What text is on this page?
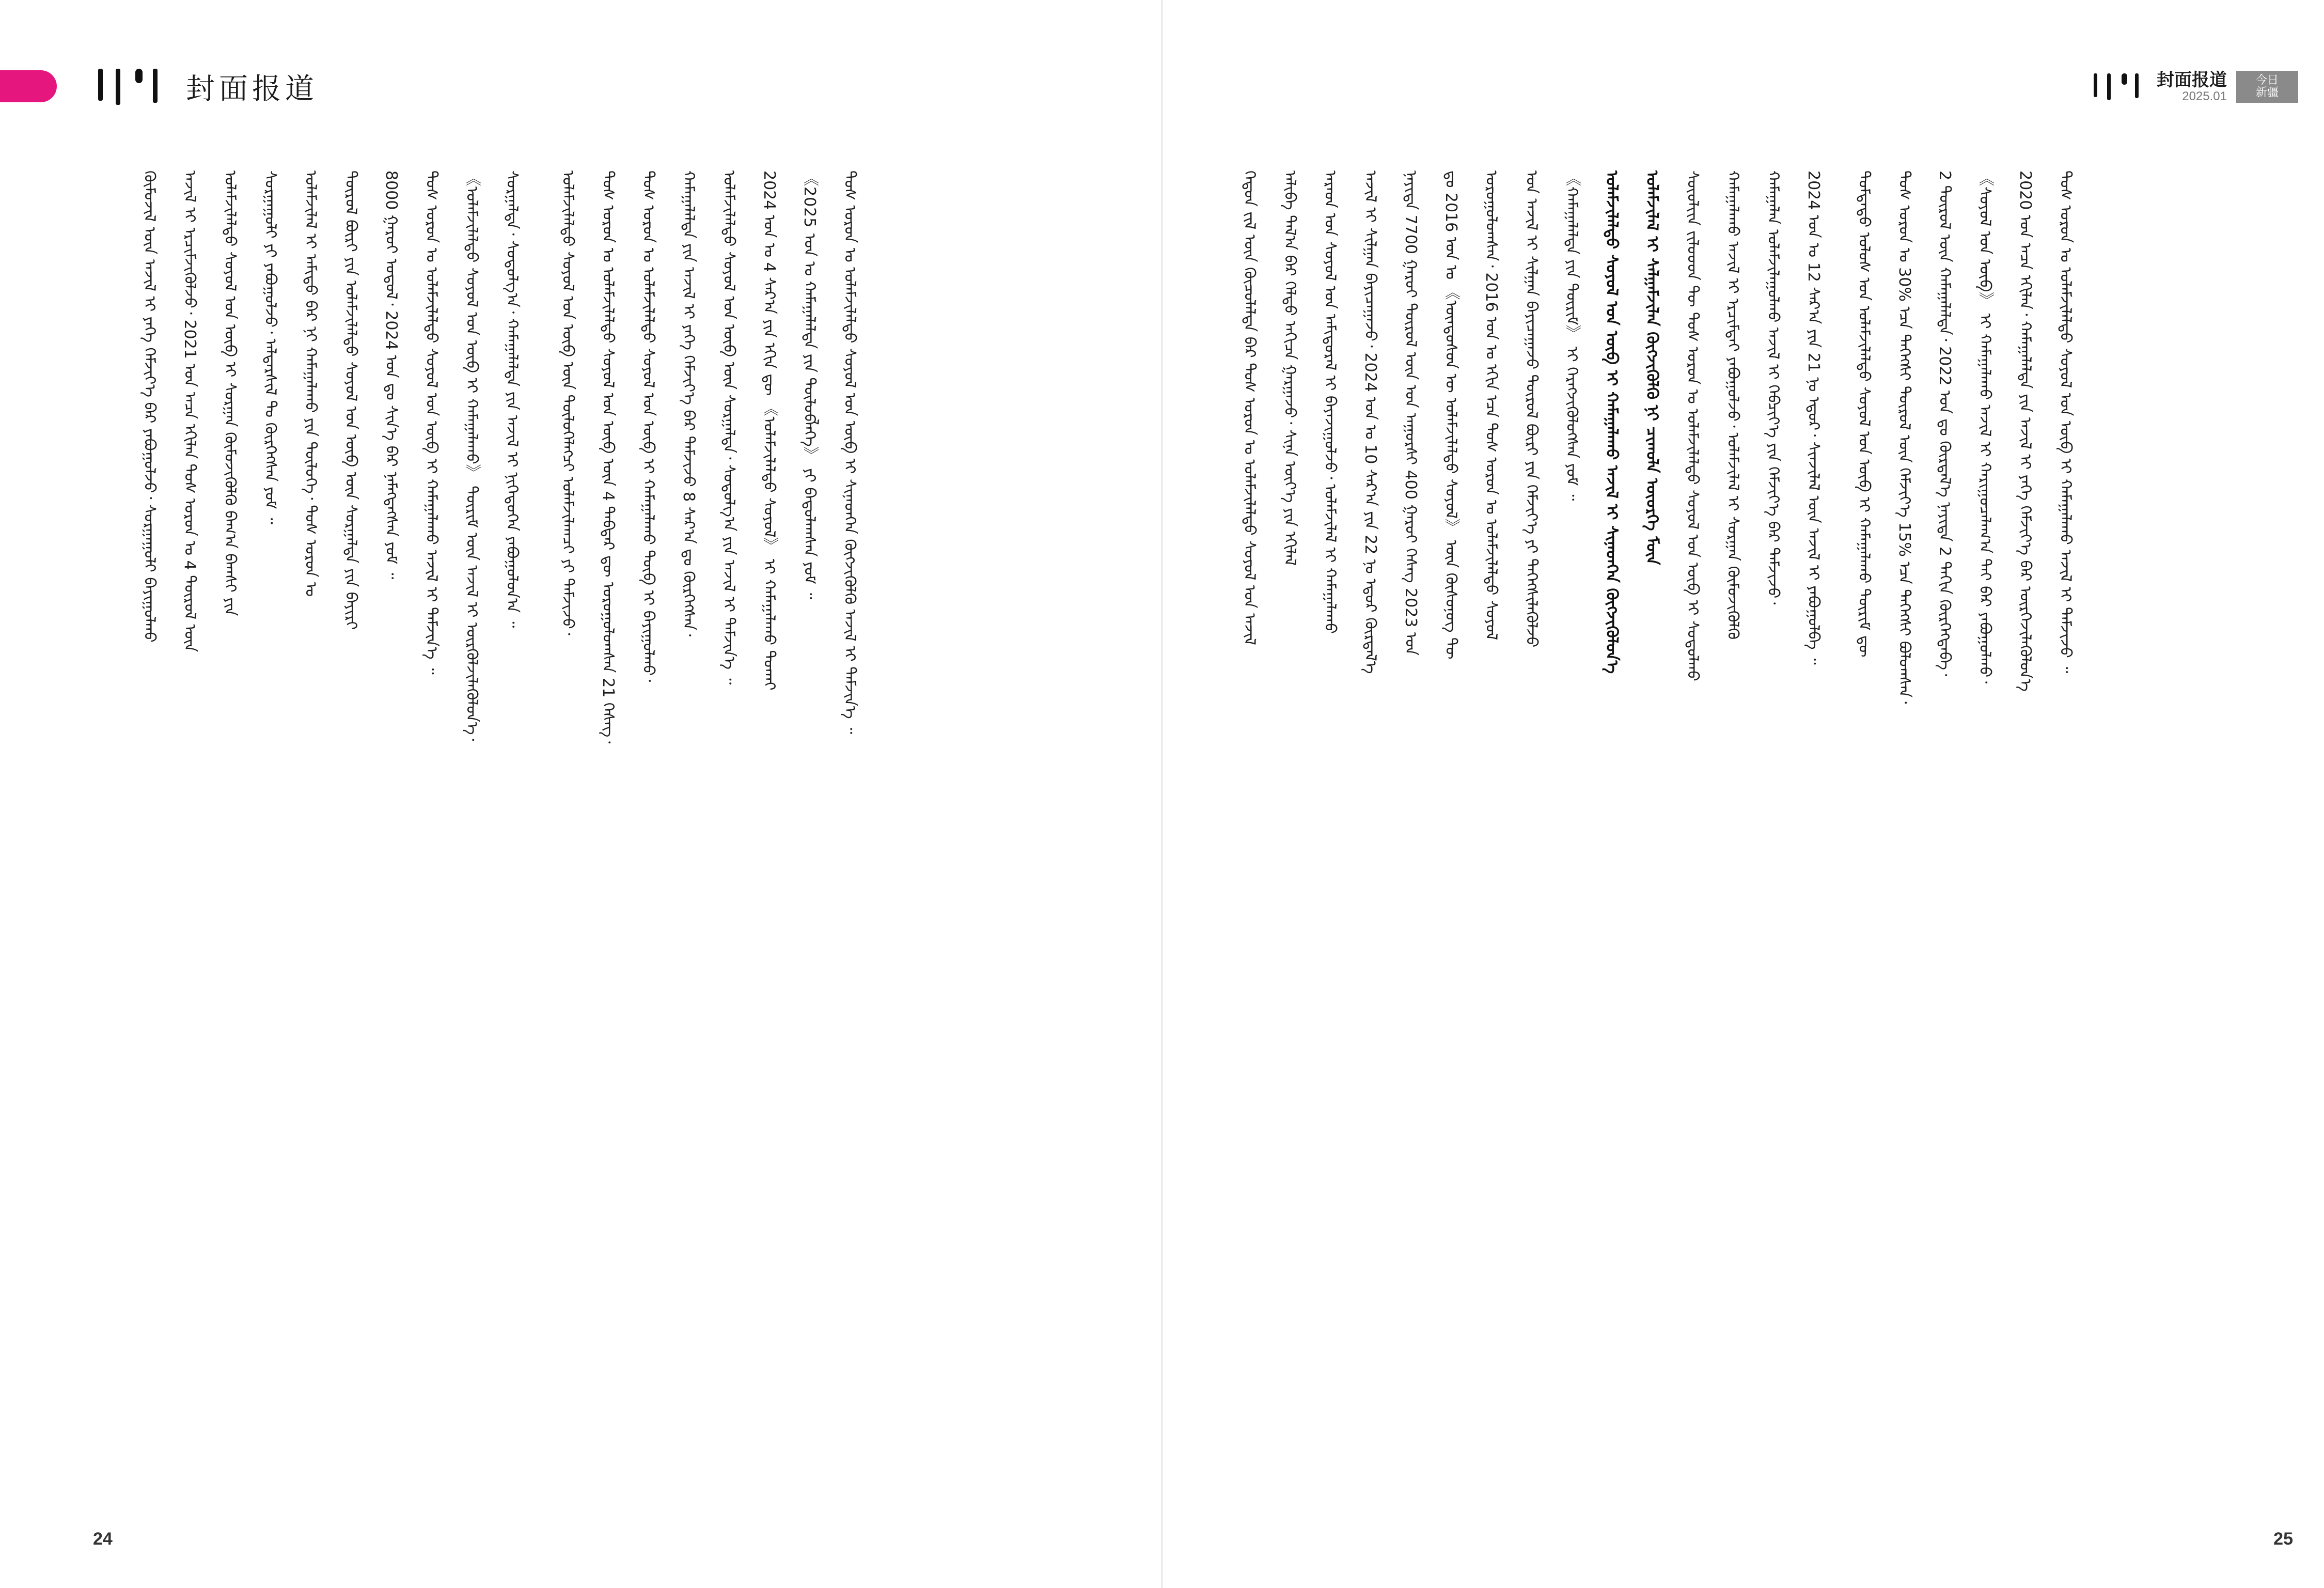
封面报道

ᠬᠦᠮᠦᠵᠢᠯ ᠦᠨ ᠠᠵᠢᠯ ᠢ ᠶᠡᠬᠡ ᠬᠡᠮᠵᠢᠶ᠎ᠡ ᠪᠡᠷ ᠶᠠᠪᠤᠭᠤᠯᠵᠤ᠂ ᠰᠤᠷᠭᠠᠭᠤᠯᠢ ᠪᠠᠶᠢᠭᠤᠯᠬᠤ	ᠠᠵᠢᠯ ᠢ ᠡᠷᠴᠢᠮᠵᠢᠭᠦᠯᠵᠦ᠂ 2021 ᠣᠨ ᠠᠴᠠ ᠡᠬᠢᠯᠡᠨ ᠲᠤᠰ ᠣᠷᠣᠨ ᠤ 4 ᠲᠦᠷᠦᠯ ᠦᠨ	ᠤᠯᠠᠮᠵᠢᠯᠠᠯᠲᠤ ᠰᠣᠶᠤᠯ ᠤᠨ ᠦᠪ ᠢ ᠰᠤᠷᠭᠠᠨ ᠬᠦᠮᠦᠵᠢᠭᠦᠯᠬᠦ ᠪᠠᠭ᠎ᠠ ᠪᠠᠭᠰᠢ ᠶᠢᠨ	ᠰᠤᠷᠭᠠᠭᠤᠯᠢ ᠶᠢ ᠶᠠᠪᠤᠭᠤᠯᠵᠤ᠂ ᠠᠯᠳᠠᠷᠰᠢᠯ ᠲᠤ ᠬᠦᠷᠭᠡᠭᠰᠡᠨ ᠶᠤᠮ ᠃	ᠤᠯᠠᠮᠵᠢᠯᠠᠯ ᠢ ᠠᠮᠢᠳᠤ ᠪᠡᠷ ᠨᠢ ᠬᠠᠮᠠᠭᠠᠯᠠᠬᠤ ᠶᠢᠨ ᠲᠦᠯᠦᠭᠡ᠂ ᠲᠤᠰ ᠣᠷᠣᠨ ᠤ	ᠲᠦᠷᠦᠯ ᠪᠦᠷᠢ ᠶᠢᠨ ᠤᠯᠠᠮᠵᠢᠯᠠᠯᠲᠤ ᠰᠣᠶᠤᠯ ᠤᠨ ᠦᠪ ᠦᠨ ᠰᠤᠷᠭᠠᠯᠲᠠ ᠶᠢᠨ ᠪᠠᠶᠢᠷᠢ	8000 ᠭᠠᠷᠤᠢ ᠣᠳᠣᠯ᠂ 2024 ᠣᠨ ᠳᠤ ᠰᠢᠨ᠎ᠡ ᠪᠡᠷ ᠨᠡᠮᠡᠭᠳᠡᠭᠰᠡᠨ ᠶᠤᠮ ᠃	ᠲᠤᠰ ᠣᠷᠣᠨ ᠤ ᠤᠯᠠᠮᠵᠢᠯᠠᠯᠲᠤ ᠰᠣᠶᠤᠯ ᠤᠨ ᠦᠪ ᠢ ᠬᠠᠮᠠᠭᠠᠯᠠᠬᠤ ᠠᠵᠢᠯ ᠢ ᠳᠡᠮᠵᠢᠨ᠎ᠡ ᠃	《ᠤᠯᠠᠮᠵᠢᠯᠠᠯᠲᠤ ᠰᠣᠶᠤᠯ ᠤᠨ ᠦᠪ ᠢ ᠬᠠᠮᠠᠭᠠᠯᠠᠬᠤ》 ᠳᠦᠷᠢᠮ ᠦᠨ ᠠᠵᠢᠯ ᠢ ᠦᠷᠭᠦᠯᠵᠢᠯᠡᠬᠦᠯᠦᠨ᠎ᠡ᠂	ᠰᠤᠷᠭᠠᠯᠲᠠ᠂ ᠰᠤᠳᠤᠯᠭ᠎ᠠ᠂ ᠬᠠᠮᠠᠭᠠᠯᠠᠯᠲᠠ ᠶᠢᠨ ᠠᠵᠢᠯ ᠢ ᠨᠢᠭᠡᠳᠦᠭᠡᠨ ᠶᠠᠪᠤᠭᠤᠯᠤᠨ᠎ᠠ ᠃	ᠤᠯᠠᠮᠵᠢᠯᠠᠯᠲᠤ ᠰᠣᠶᠤᠯ ᠤᠨ ᠦᠪ ᠦᠨ ᠲᠦᠯᠦᠭᠡᠯᠡᠭᠴᠢ ᠤᠯᠠᠮᠵᠢᠯᠠᠭᠴᠢ ᠶᠢ ᠳᠡᠮᠵᠢᠵᠦ᠂	ᠲᠤᠰ ᠣᠷᠣᠨ ᠤ ᠤᠯᠠᠮᠵᠢᠯᠠᠯᠲᠤ ᠰᠣᠶᠤᠯ ᠤᠨ ᠦᠪ ᠦᠨ 4 ᠳᠡᠪᠲᠡᠷ ᠳᠦ ᠣᠷᠤᠭᠤᠯᠤᠭᠰᠠᠨ 21 ᠬᠡᠰᠡᠭ᠂	ᠲᠤᠰ ᠣᠷᠣᠨ ᠤ ᠤᠯᠠᠮᠵᠢᠯᠠᠯᠲᠤ ᠰᠣᠶᠤᠯ ᠤᠨ ᠦᠪ ᠢ ᠬᠠᠮᠠᠭᠠᠯᠠᠬᠤ ᠲᠥᠪ ᠢ ᠪᠠᠶᠢᠭᠤᠯᠬᠤ᠂	ᠬᠠᠮᠠᠭᠠᠯᠠᠯᠲᠠ ᠶᠢᠨ ᠠᠵᠢᠯ ᠢ ᠶᠡᠬᠡ ᠬᠡᠮᠵᠢᠶ᠎ᠡ ᠪᠡᠷ ᠳᠡᠮᠵᠢᠵᠦ 8 ᠰᠠᠷ᠎ᠠ ᠳᠤ ᠬᠦᠷᠭᠡᠭᠰᠡᠨ᠂	ᠤᠯᠠᠮᠵᠢᠯᠠᠯᠲᠤ ᠰᠣᠶᠤᠯ ᠤᠨ ᠦᠪ ᠦᠨ ᠰᠤᠷᠭᠠᠯᠲᠠ᠂ ᠰᠤᠳᠤᠯᠭ᠎ᠠ ᠶᠢᠨ ᠠᠵᠢᠯ ᠢ ᠳᠡᠮᠵᠢᠨ᠎ᠡ ᠃	2024 ᠣᠨ ᠤ 4 ᠰᠠᠷ᠎ᠠ ᠶᠢᠨ ᠡᠬᠢᠨ ᠳᠦ 《ᠤᠯᠠᠮᠵᠢᠯᠠᠯᠲᠤ ᠰᠣᠶᠤᠯ》 ᠢ ᠬᠠᠮᠠᠭᠠᠯᠠᠬᠤ ᠲᠤᠬᠠᠢ	《2025 ᠣᠨ ᠤ ᠬᠠᠮᠠᠭᠠᠯᠠᠯᠲᠠ ᠶᠢᠨ ᠲᠥᠯᠥᠪᠯᠡᠭᠡ》 ᠶᠢ ᠪᠠᠲᠤᠯᠠᠭᠰᠠᠨ ᠶᠤᠮ ᠃	ᠲᠤᠰ ᠣᠷᠣᠨ ᠤ ᠤᠯᠠᠮᠵᠢᠯᠠᠯᠲᠤ ᠰᠣᠶᠤᠯ ᠤᠨ ᠦᠪ ᠢ ᠰᠢᠨᠡᠳᠬᠡᠨ ᠬᠦᠭᠵᠢᠭᠦᠯᠬᠦ ᠠᠵᠢᠯ ᠢ ᠳᠡᠮᠵᠢᠨ᠎ᠡ ᠃

24
封面报道
2025.01
今日
新疆

ᠬᠡᠳᠦᠨ ᠵᠢᠯ ᠦᠨ ᠬᠦᠴᠦᠯᠡᠯᠲᠡ ᠪᠡᠷ ᠲᠤᠰ ᠣᠷᠣᠨ ᠤ ᠤᠯᠠᠮᠵᠢᠯᠠᠯᠲᠤ ᠰᠣᠶᠤᠯ ᠤᠨ ᠠᠵᠢᠯ	ᠠᠯᠢᠪᠠ ᠲᠠᠯ᠎ᠠ ᠪᠡᠷ ᠭᠡᠯᠲᠦ ᠠᠬᠢᠴᠠ ᠭᠠᠷᠭᠠᠵᠤ᠂ ᠰᠢᠨᠡ ᠦᠶ᠎ᠡ ᠶᠢᠨ ᠡᠬᠢᠯᠡᠯ	ᠠᠷᠠᠳ ᠤᠨ ᠰᠣᠶᠤᠯ ᠤᠨ ᠠᠮᠢᠳᠤᠷᠠᠯ ᠢ ᠪᠠᠶᠠᠵᠢᠭᠤᠯᠵᠤ᠂ ᠤᠯᠠᠮᠵᠢᠯᠠᠯ ᠢ ᠬᠠᠮᠠᠭᠠᠯᠠᠬᠤ	ᠠᠵᠢᠯ ᠢ ᠰᠢᠯᠭᠠᠨ ᠪᠠᠶᠢᠴᠠᠭᠠᠵᠤ᠂ 2024 ᠣᠨ ᠤ 10 ᠰᠠᠷ᠎ᠠ ᠶᠢᠨ 22 ᠨᠤ ᠡᠳᠦᠷ ᠬᠦᠷᠲᠡᠯ᠎ᠡ	ᠨᠡᠶᠢᠲᠡ 7700 ᠭᠠᠷᠤᠢ ᠲᠦᠷᠦᠯ ᠦᠨ ᠡᠳ ᠠᠭᠤᠷᠰᠢ 400 ᠭᠠᠷᠤᠢ ᠬᠡᠰᠡᠭ 2023 ᠣᠨ	ᠳᠤ 2016 ᠣᠨ ᠤ 《ᠦᠨᠳᠦᠰᠦᠨ ᠦ ᠤᠯᠠᠮᠵᠢᠯᠠᠯᠲᠤ ᠰᠣᠶᠤᠯ》 ᠦᠨ ᠬᠦᠰᠦᠨᠦᠭ ᠲᠦ	ᠣᠷᠤᠭᠤᠯᠤᠭᠰᠠᠨ᠂ 2016 ᠣᠨ ᠤ ᠡᠬᠢᠨ ᠡᠴᠡ ᠲᠤᠰ ᠣᠷᠣᠨ ᠤ ᠤᠯᠠᠮᠵᠢᠯᠠᠯᠲᠤ ᠰᠣᠶᠤᠯ	ᠤᠨ ᠠᠵᠢᠯ ᠢ ᠰᠢᠯᠭᠠᠨ ᠪᠠᠶᠢᠴᠠᠭᠠᠵᠤ ᠲᠦᠷᠦᠯ ᠪᠦᠷᠢ ᠶᠢᠨ ᠬᠡᠮᠵᠢᠶ᠎ᠡ ᠶᠢ ᠳᠡᠭᠡᠭᠰᠢᠯᠡᠭᠦᠯᠵᠦ	《ᠬᠠᠮᠠᠭᠠᠯᠠᠯᠲᠠ ᠶᠢᠨ ᠳᠦᠷᠢᠮ》 ᠢ ᠬᠡᠷᠡᠭᠵᠢᠭᠦᠯᠦᠭᠰᠡᠨ ᠶᠤᠮ ᠃	ᠤᠯᠠᠮᠵᠢᠯᠠᠯᠲᠤ ᠰᠣᠶᠤᠯ ᠤᠨ ᠦᠪ ᠢ ᠬᠠᠮᠠᠭᠠᠯᠠᠬᠤ ᠠᠵᠢᠯ ᠢ ᠰᠢᠨᠡᠳᠬᠡᠨ ᠬᠦᠭᠵᠢᠭᠦᠯᠦᠨ᠎ᠡ	ᠤᠯᠠᠮᠵᠢᠯᠠᠯ ᠢ ᠰᠠᠯᠭᠠᠮᠵᠢᠯᠠᠨ ᠬᠦᠭᠵᠢᠭᠦᠯᠬᠦ ᠨᠢ ᠴᠢᠬᠤᠯᠠ ᠦᠦᠷᠭᠡ ᠮᠥᠨ	ᠰᠦᠦᠯᠢᠢᠨ ᠵᠢᠯᠦᠦᠳ ᠲᠦ ᠲᠤᠰ ᠣᠷᠣᠨ ᠤ ᠤᠯᠠᠮᠵᠢᠯᠠᠯᠲᠤ ᠰᠣᠶᠤᠯ ᠤᠨ ᠦᠪ ᠢ ᠰᠤᠳᠤᠯᠬᠤ	ᠬᠠᠮᠠᠭᠠᠯᠠᠬᠤ ᠠᠵᠢᠯ ᠢ ᠡᠷᠴᠢᠮᠲᠡᠶ ᠶᠠᠪᠤᠭᠤᠯᠵᠤ᠂ ᠤᠯᠠᠮᠵᠢᠯᠠᠯ ᠢ ᠰᠤᠷᠭᠠᠨ ᠬᠦᠮᠦᠵᠢᠭᠦᠯᠬᠦ	ᠬᠠᠮᠠᠭᠠᠯᠠᠨ ᠤᠯᠠᠮᠵᠢᠯᠠᠭᠤᠯᠬᠤ ᠠᠵᠢᠯ ᠢ ᠬᠡᠪᠴᠢᠶ᠎ᠡ ᠶᠢᠨ ᠬᠡᠮᠵᠢᠶ᠎ᠡ ᠪᠡᠷ ᠳᠡᠮᠵᠢᠵᠦ᠂	2024 ᠣᠨ ᠤ 12 ᠰᠠᠷ᠎ᠠ ᠶᠢᠨ 21 ᠨᠤ ᠡᠳᠦᠷ᠂ ᠰᠢᠨᠵᠢᠯᠡᠯ ᠦᠨ ᠠᠵᠢᠯ ᠢ ᠶᠠᠪᠤᠭᠤᠯᠪᠠ ᠃	ᠳᠤᠮᠳᠠᠳᠤ ᠤᠯᠤᠰ ᠤᠨ ᠤᠯᠠᠮᠵᠢᠯᠠᠯᠲᠤ ᠰᠣᠶᠤᠯ ᠤᠨ ᠦᠪ ᠢ ᠬᠠᠮᠠᠭᠠᠯᠠᠬᠤ ᠳᠦᠷᠢᠮ ᠳᠦ	ᠲᠤᠰ ᠣᠷᠣᠨ ᠤ 30% ᠡᠴᠡ ᠳᠡᠭᠡᠭᠰᠢ ᠲᠦᠷᠦᠯ ᠦᠨ ᠬᠡᠮᠵᠢᠶ᠎ᠡ 15% ᠡᠴᠡ ᠳᠡᠭᠡᠭᠰᠢ ᠪᠣᠯᠤᠭᠰᠠᠨ᠂	2 ᠲᠦᠷᠦᠯ ᠦᠨ ᠬᠠᠮᠠᠭᠠᠯᠠᠯᠲᠠ᠂ 2022 ᠣᠨ ᠳᠤ ᠬᠦᠷᠲᠡᠯ᠎ᠡ ᠨᠡᠶᠢᠲᠡ 2 ᠳᠠᠬᠢᠨ ᠬᠦᠷᠭᠡᠭᠳᠡᠪᠡ᠂	《ᠰᠣᠶᠤᠯ ᠤᠨ ᠦᠪ》 ᠢ ᠬᠠᠮᠠᠭᠠᠯᠠᠬᠤ ᠠᠵᠢᠯ ᠢ ᠬᠠᠷᠢᠭᠤᠴᠠᠯᠠᠭ᠎ᠠ ᠲᠠᠢ ᠪᠡᠷ ᠶᠠᠪᠤᠭᠤᠯᠬᠤ᠂	2020 ᠣᠨ ᠠᠴᠠ ᠡᠬᠢᠯᠡᠨ᠂ ᠬᠠᠮᠠᠭᠠᠯᠠᠯᠲᠠ ᠶᠢᠨ ᠠᠵᠢᠯ ᠢ ᠶᠡᠬᠡ ᠬᠡᠮᠵᠢᠶ᠎ᠡ ᠪᠡᠷ ᠦᠷᠭᠡᠵᠢᠯᠡᠬᠦᠯᠦᠨ᠎ᠡ	ᠲᠤᠰ ᠣᠷᠣᠨ ᠤ ᠤᠯᠠᠮᠵᠢᠯᠠᠯᠲᠤ ᠰᠣᠶᠤᠯ ᠤᠨ ᠦᠪ ᠢ ᠬᠠᠮᠠᠭᠠᠯᠠᠬᠤ ᠠᠵᠢᠯ ᠢ ᠳᠡᠮᠵᠢᠵᠦ ᠃

25
